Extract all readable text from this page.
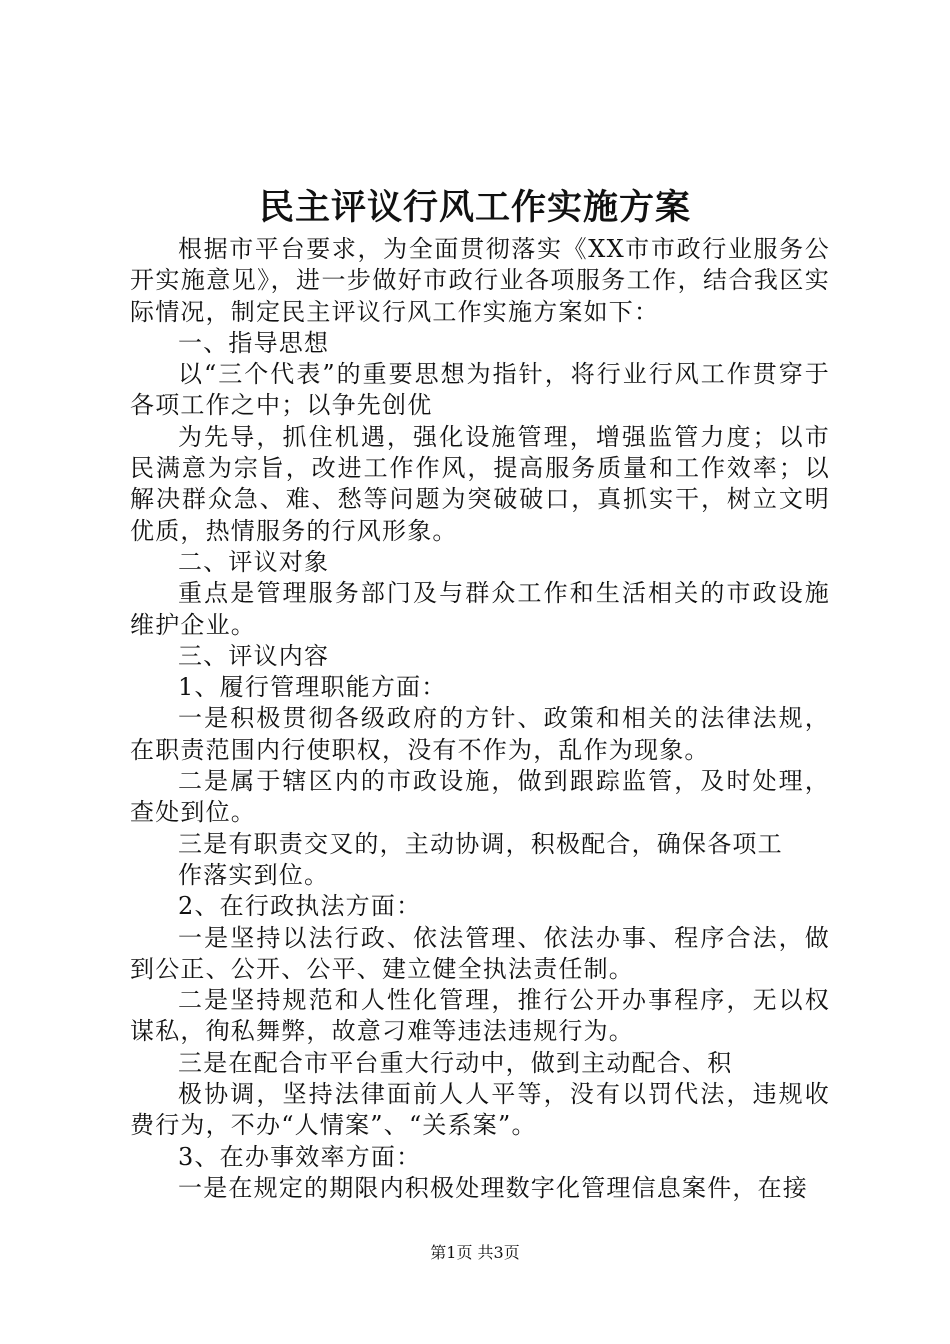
民主评议行风工作实施方案

根据市平台要求，为全面贯彻落实《XX市市政行业服务公开实施意见》，进一步做好市政行业各项服务工作，结合我区实际情况，制定民主评议行风工作实施方案如下：

一、指导思想

以“三个代表”的重要思想为指针，将行业行风工作贯穿于各项工作之中；以争先创优

为先导，抓住机遇，强化设施管理，增强监管力度；以市民满意为宗旨，改进工作作风，提高服务质量和工作效率；以解决群众急、难、愁等问题为突破破口，真抓实干，树立文明优质，热情服务的行风形象。

二、评议对象

重点是管理服务部门及与群众工作和生活相关的市政设施维护企业。

三、评议内容

1、履行管理职能方面：

一是积极贯彻各级政府的方针、政策和相关的法律法规，在职责范围内行使职权，没有不作为，乱作为现象。

二是属于辖区内的市政设施，做到跟踪监管，及时处理，查处到位。

三是有职责交叉的，主动协调，积极配合，确保各项工

作落实到位。

2、在行政执法方面：

一是坚持以法行政、依法管理、依法办事、程序合法，做到公正、公开、公平、建立健全执法责任制。

二是坚持规范和人性化管理，推行公开办事程序，无以权谋私，徇私舞弊，故意刁难等违法违规行为。

三是在配合市平台重大行动中，做到主动配合、积

极协调，坚持法律面前人人平等，没有以罚代法，违规收费行为，不办“人情案”、“关系案”。

3、在办事效率方面：

一是在规定的期限内积极处理数字化管理信息案件，在接

第1页 共3页
